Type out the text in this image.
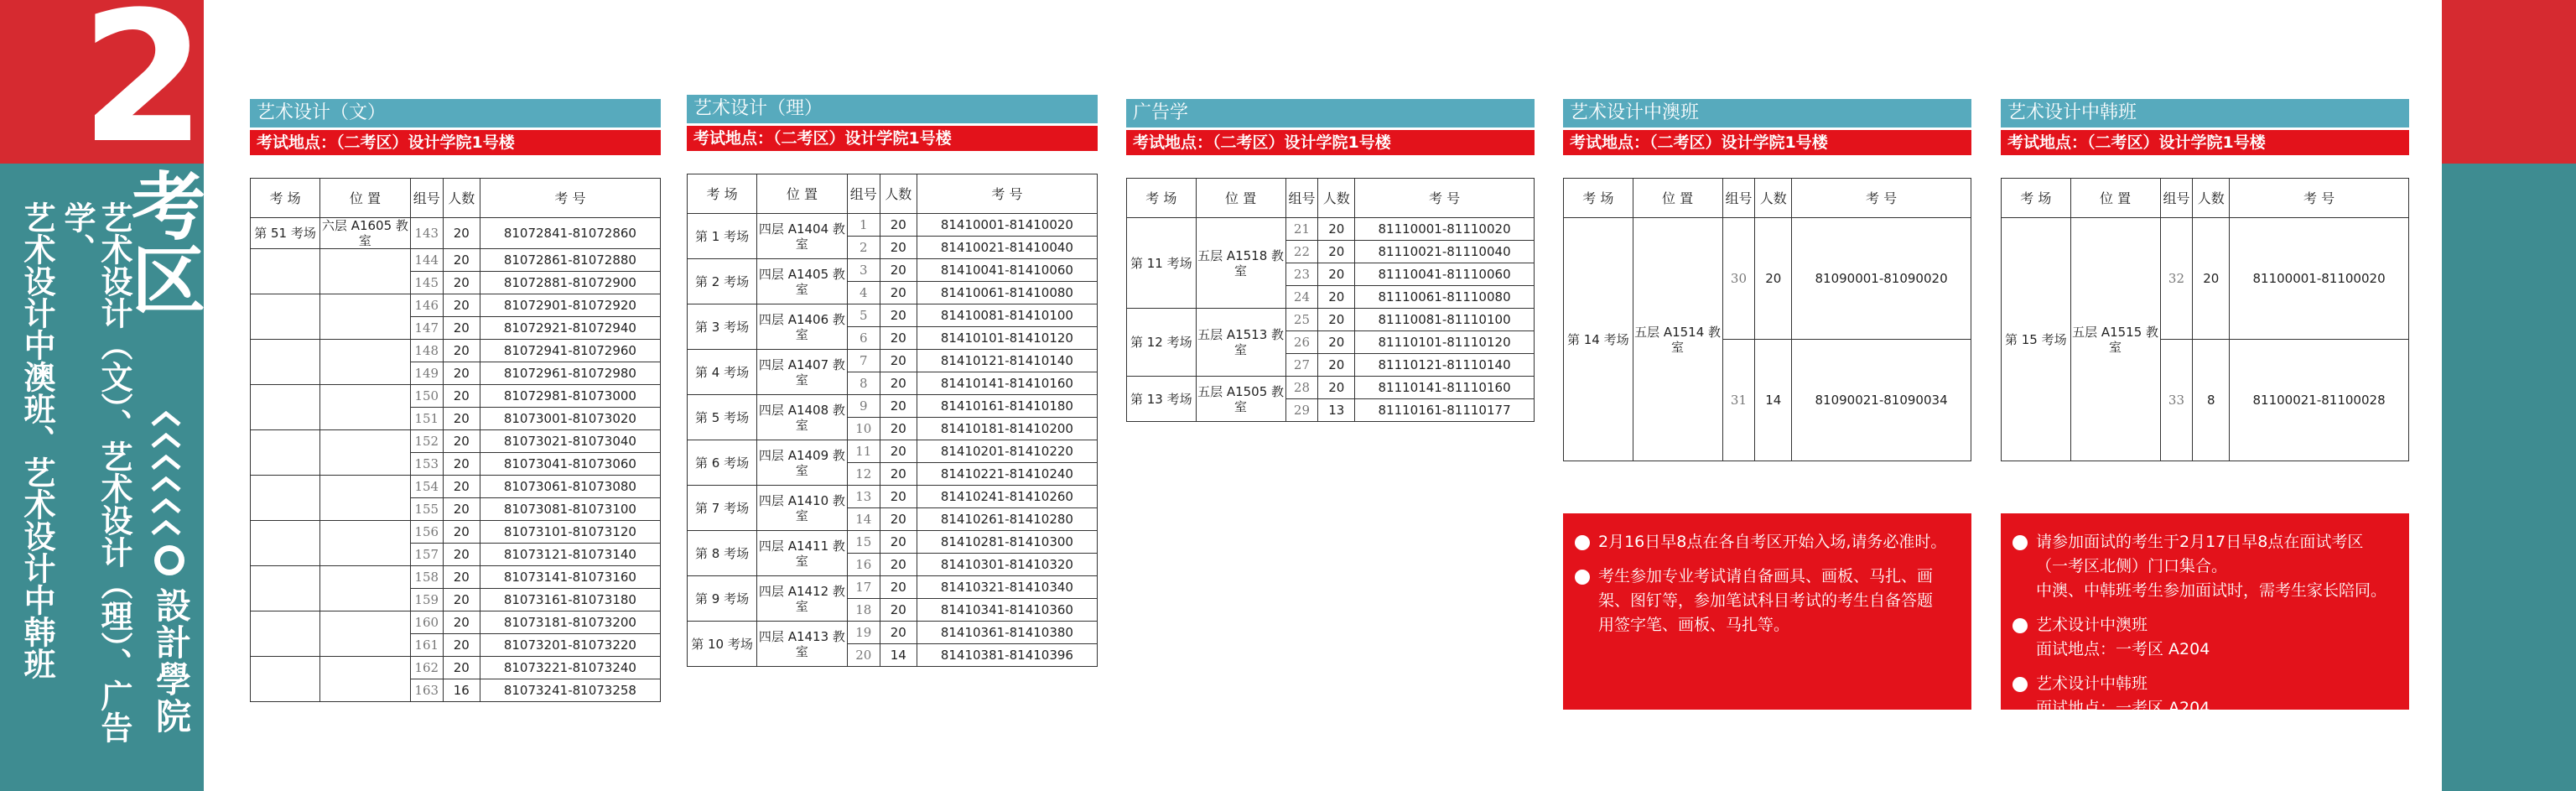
2
考区
艺术设计（文）、艺术设计（理）、广告学、
艺术设计中澳班、艺术设计中韩班
	設計學院
艺术设计（文）
考试地点：（二考区）设计学院1号楼
考 场	位 置	组号	人数	考 号
第 51 考场	六层 A1605 教室	143	20	81072841-81072860
		144	20	81072861-81072880
		145	20	81072881-81072900
		146	20	81072901-81072920
		147	20	81072921-81072940
		148	20	81072941-81072960
		149	20	81072961-81072980
		150	20	81072981-81073000
		151	20	81073001-81073020
		152	20	81073021-81073040
		153	20	81073041-81073060
		154	20	81073061-81073080
		155	20	81073081-81073100
		156	20	81073101-81073120
		157	20	81073121-81073140
		158	20	81073141-81073160
		159	20	81073161-81073180
		160	20	81073181-81073200
		161	20	81073201-81073220
		162	20	81073221-81073240
		163	16	81073241-81073258
艺术设计（理）
考试地点：（二考区）设计学院1号楼
考 场	位 置	组号	人数	考 号
第 1 考场	四层 A1404 教室	1	20	81410001-81410020
		2	20	81410021-81410040
第 2 考场	四层 A1405 教室	3	20	81410041-81410060
		4	20	81410061-81410080
第 3 考场	四层 A1406 教室	5	20	81410081-81410100
		6	20	81410101-81410120
第 4 考场	四层 A1407 教室	7	20	81410121-81410140
		8	20	81410141-81410160
第 5 考场	四层 A1408 教室	9	20	81410161-81410180
		10	20	81410181-81410200
第 6 考场	四层 A1409 教室	11	20	81410201-81410220
		12	20	81410221-81410240
第 7 考场	四层 A1410 教室	13	20	81410241-81410260
		14	20	81410261-81410280
第 8 考场	四层 A1411 教室	15	20	81410281-81410300
		16	20	81410301-81410320
第 9 考场	四层 A1412 教室	17	20	81410321-81410340
		18	20	81410341-81410360
第 10 考场	四层 A1413 教室	19	20	81410361-81410380
		20	14	81410381-81410396
广告学
考试地点：（二考区）设计学院1号楼
考 场	位 置	组号	人数	考 号
第 11 考场	五层 A1518 教室	21	20	81110001-81110020
		22	20	81110021-81110040
		23	20	81110041-81110060
		24	20	81110061-81110080
第 12 考场	五层 A1513 教室	25	20	81110081-81110100
		26	20	81110101-81110120
		27	20	81110121-81110140
第 13 考场	五层 A1505 教室	28	20	81110141-81110160
		29	13	81110161-81110177
艺术设计中澳班
考试地点：（二考区）设计学院1号楼
考 场	位 置	组号	人数	考 号
第 14 考场	五层 A1514 教室	30	20	81090001-81090020
		31	14	81090021-81090034
艺术设计中韩班
考试地点：（二考区）设计学院1号楼
考 场	位 置	组号	人数	考 号
第 15 考场	五层 A1515 教室	32	20	81100001-81100020
		33	8	81100021-81100028
2月16日早8点在各自考区开始入场,请务必准时。
考生参加专业考试请自备画具、画板、马扎、画
架、图钉等，参加笔试科目考试的考生自备答题
用签字笔、画板、马扎等。
请参加面试的考生于2月17日早8点在面试考区
（一考区北侧）门口集合。
中澳、中韩班考生参加面试时，需考生家长陪同。
艺术设计中澳班
面试地点：一考区 A204
艺术设计中韩班
面试地点：一考区 A204
